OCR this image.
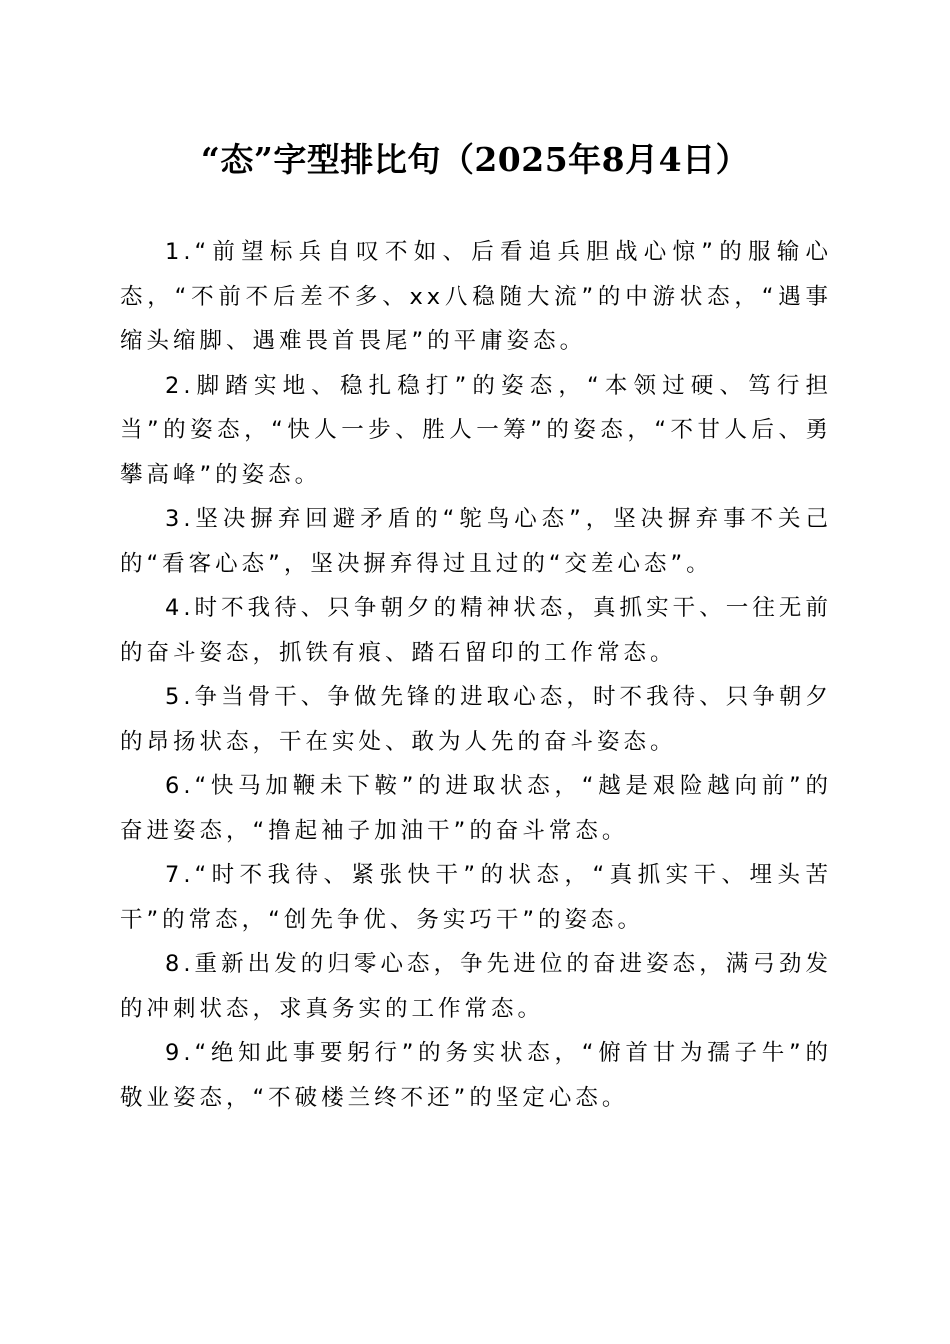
“态”字型排比句（2025年8月4日）

1.“前望标兵自叹不如、后看追兵胆战心惊”的服输心态，“不前不后差不多、xx八稳随大流”的中游状态，“遇事缩头缩脚、遇难畏首畏尾”的平庸姿态。

2.脚踏实地、稳扎稳打”的姿态，“本领过硬、笃行担当”的姿态，“快人一步、胜人一筹”的姿态，“不甘人后、勇攀高峰”的姿态。

3.坚决摒弃回避矛盾的“鸵鸟心态”，坚决摒弃事不关己的“看客心态”，坚决摒弃得过且过的“交差心态”。

4.时不我待、只争朝夕的精神状态，真抓实干、一往无前的奋斗姿态，抓铁有痕、踏石留印的工作常态。

5.争当骨干、争做先锋的进取心态，时不我待、只争朝夕的昂扬状态，干在实处、敢为人先的奋斗姿态。

6.“快马加鞭未下鞍”的进取状态，“越是艰险越向前”的奋进姿态，“撸起袖子加油干”的奋斗常态。

7.“时不我待、紧张快干”的状态，“真抓实干、埋头苦干”的常态，“创先争优、务实巧干”的姿态。

8.重新出发的归零心态，争先进位的奋进姿态，满弓劲发的冲刺状态，求真务实的工作常态。

9.“绝知此事要躬行”的务实状态，“俯首甘为孺子牛”的敬业姿态，“不破楼兰终不还”的坚定心态。
